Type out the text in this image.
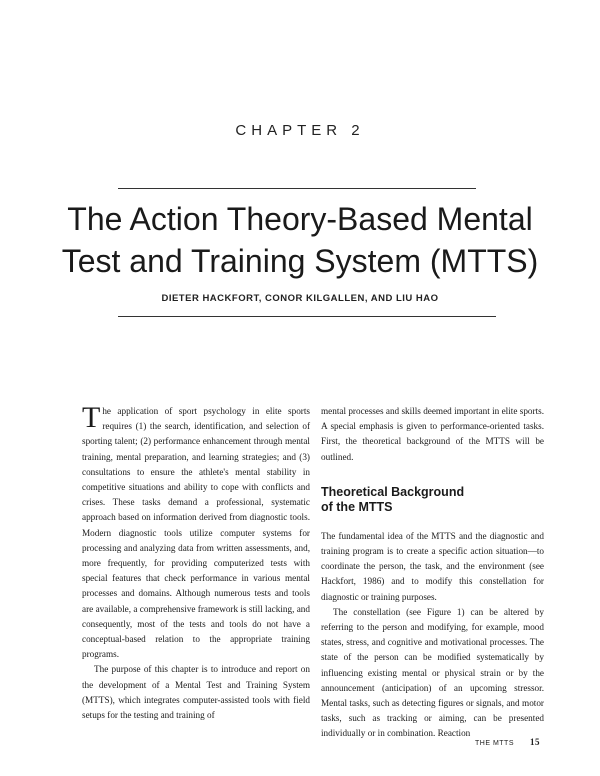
CHAPTER 2
The Action Theory-Based Mental
Test and Training System (MTTS)
DIETER HACKFORT, CONOR KILGALLEN, AND LIU HAO

The application of sport psychology in elite sports requires (1) the search, identification, and selection of sporting talent; (2) performance enhancement through mental training, mental preparation, and learning strategies; and (3) consultations to ensure the athlete's mental stability in competitive situations and ability to cope with conflicts and crises. These tasks demand a professional, systematic approach based on information derived from diagnostic tools. Modern diagnostic tools utilize computer systems for processing and analyzing data from written assessments, and, more frequently, for providing computerized tests with special features that check performance in various mental processes and domains. Although numerous tests and tools are available, a comprehensive framework is still lacking, and consequently, most of the tests and tools do not have a conceptual-based relation to the appropriate training programs.

The purpose of this chapter is to introduce and report on the development of a Mental Test and Training System (MTTS), which integrates computer-assisted tools with field setups for the testing and training of

mental processes and skills deemed important in elite sports. A special emphasis is given to performance-oriented tasks. First, the theoretical background of the MTTS will be outlined.

Theoretical Background
of the MTTS

The fundamental idea of the MTTS and the diagnostic and training program is to create a specific action situation—to coordinate the person, the task, and the environment (see Hackfort, 1986) and to modify this constellation for diagnostic or training purposes.

The constellation (see Figure 1) can be altered by referring to the person and modifying, for example, mood states, stress, and cognitive and motivational processes. The state of the person can be modified systematically by influencing existing mental or physical strain or by the announcement (anticipation) of an upcoming stressor. Mental tasks, such as detecting figures or signals, and motor tasks, such as tracking or aiming, can be presented individually or in combination. Reaction

THE MTTS 15
